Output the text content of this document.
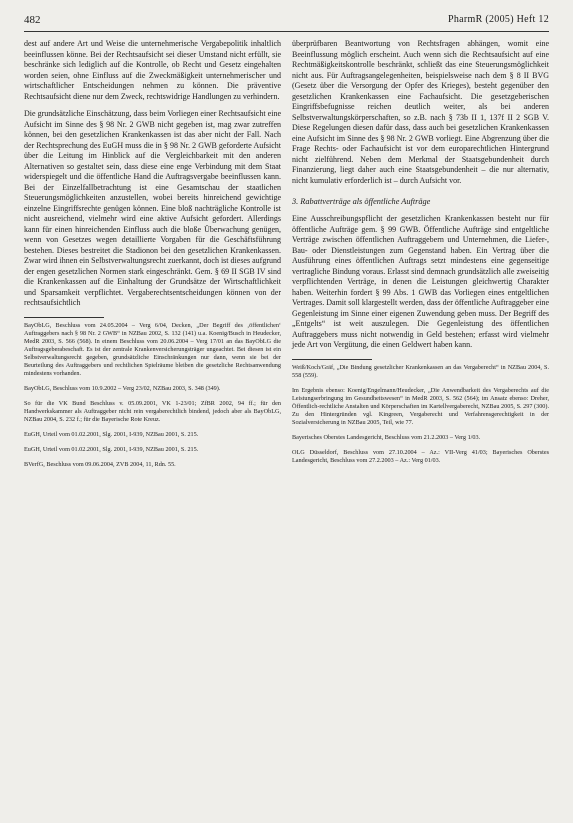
482	PharmR (2005) Heft 12

dest auf andere Art und Weise die unternehmerische Vergabepolitik inhaltlich beeinflussen könne. Bei der Rechtsaufsicht sei dieser Umstand nicht erfüllt, sie beschränke sich lediglich auf die Kontrolle, ob Recht und Gesetz eingehalten worden seien, ohne Einfluss auf die Zweckmäßigkeit unternehmerischer und wirtschaftlicher Entscheidungen nehmen zu können. Die präventive Rechtsaufsicht diene nur dem Zweck, rechtswidrige Handlungen zu verhindern.

Die grundsätzliche Einschätzung, dass beim Vorliegen einer Rechtsaufsicht eine Aufsicht im Sinne des § 98 Nr. 2 GWB nicht gegeben ist, mag zwar zutreffen können, bei den gesetzlichen Krankenkassen ist das aber nicht der Fall. Nach der Rechtsprechung des EuGH muss die in § 98 Nr. 2 GWB geforderte Aufsicht über die Leitung im Hinblick auf die Vergleichbarkeit mit den anderen Alternativen so gestaltet sein, dass diese eine enge Verbindung mit dem Staat widerspiegelt und die öffentliche Hand die Auftragsvergabe beeinflussen kann. Bei der Einzelfallbetrachtung ist eine Gesamtschau der staatlichen Steuerungsmöglichkeiten anzustellen, wobei bereits hinreichend gewichtige einzelne Eingriffsrechte genügen können. Eine bloß nachträgliche Kontrolle ist nicht ausreichend, vielmehr wird eine aktive Aufsicht gefordert. Allerdings kann für einen hinreichenden Einfluss auch die bloße Überwachung genügen, wenn von Gesetzes wegen detaillierte Vorgaben für die Geschäftsführung bestehen. Dieses bestreitet die Stadionon bei den gesetzlichen Krankenkassen. Zwar wird ihnen ein Selbstverwaltungsrecht zuerkannt, doch ist dieses aufgrund der engen gesetzlichen Normen stark eingeschränkt. Gem. § 69 II SGB IV sind die Krankenkassen auf die Einhaltung der Grundsätze der Wirtschaftlichkeit und Sparsamkeit verpflichtet. Vergaberechtsentscheidungen können von der rechtsaufsichtlich

BayObLG, Beschluss vom 24.05.2004 – Verg 6/04, Decken, „Der Begriff des ‚öffentlichen‘ Auftraggebers nach § 98 Nr. 2 GWB“ in NZBau 2002, S. 132 (141) u.a. Koenig/Busch in Heudecker, MedR 2003, S. 566 (568). In einem Beschluss vom 20.06.2004 – Verg 17/01 an das BayObLG die Auftragsgeberabeschaft. Es ist der zentrale Krankenversicherungsträger ungeachtet. Bei diesen ist ein Selbstverwaltungsrecht gegeben, grundsätzliche Einschränkungen nur dann, wenn sie bei der Beurteilung des Auftraggebers und rechtlichen Spielräume bleiben die gesetzliche Rechtsanwendung mindestens vorhanden.

BayObLG, Beschluss vom 10.9.2002 – Verg 23/02, NZBau 2003, S. 348 (349).

So für die VK Bund Beschluss v. 05.09.2001, VK 1-23/01; ZfBR 2002, 94 ff.; für den Handwerkskammer als Auftraggeber nicht rein vergaberechtlich bindend, jedoch aber als BayObLG, NZBau 2004, S. 232 f.; für die Bayerische Rote Kreuz.

EuGH, Urteil vom 01.02.2001, Slg. 2001, I-939, NZBau 2001, S. 215.

EuGH, Urteil vom 01.02.2001, Slg. 2001, I-939, NZBau 2001, S. 215.

BVerfG, Beschluss vom 09.06.2004, ZVB 2004, 11, Rdn. 55.

überprüfbaren Beantwortung von Rechtsfragen abhängen, womit eine Beeinflussung möglich erscheint. Auch wenn sich die Rechtsaufsicht auf eine Rechtmäßigkeitskontrolle beschränkt, schließt das eine Steuerungsmöglichkeit nicht aus. Für Auftragsangelegenheiten, beispielsweise nach dem § 8 II BVG (Gesetz über die Versorgung der Opfer des Krieges), besteht gegenüber den gesetzlichen Krankenkassen eine Fachaufsicht. Die gesetzgeberischen Eingriffsbefugnisse reichen deutlich weiter, als bei anderen Selbstverwaltungskörperschaften, so z.B. nach § 73b II 1, 137f II 2 SGB V. Diese Regelungen diesen dafür dass, dass auch bei gesetzlichen Krankenkassen eine Aufsicht im Sinne des § 98 Nr. 2 GWB vorliegt. Eine Abgrenzung über die Frage Rechts- oder Fachaufsicht ist vor dem europarechtlichen Hintergrund nicht zielführend. Neben dem Merkmal der Staatsgebundenheit durch Finanzierung, liegt daher auch eine Staatsgebundenheit – die nur alternativ, nicht kumulativ erforderlich ist – durch Aufsicht vor.

3. Rabattverträge als öffentliche Aufträge

Eine Ausschreibungspflicht der gesetzlichen Krankenkassen besteht nur für öffentliche Aufträge gem. § 99 GWB. Öffentliche Aufträge sind entgeltliche Verträge zwischen öffentlichen Auftraggebern und Unternehmen, die Liefer-, Bau- oder Dienstleistungen zum Gegenstand haben. Ein Vertrag über die Ausführung eines öffentlichen Auftrags setzt mindestens eine gegenseitige vertragliche Bindung voraus. Erlasst sind demnach grundsätzlich alle zweiseitig verpflichtenden Verträge, in denen die Leistungen gleichwertig Charakter haben. Weiterhin fordert § 99 Abs. 1 GWB das Vorliegen eines entgeltlichen Vertrages. Damit soll klargestellt werden, dass der öffentliche Auftraggeber eine Gegenleistung im Sinne einer eigenen Zuwendung geben muss. Der Begriff des „Entgelts“ ist weit auszulegen. Die Gegenleistung des öffentlichen Auftraggebers muss nicht notwendig in Geld bestehen; erfasst wird vielmehr jede Art von Vergütung, die einen Geldwert haben kann.

Weiß/Koch/Gräf, „Die Bindung gesetzlicher Krankenkassen an das Vergaberecht“ in NZBau 2004, S. 558 (559).

Im Ergebnis ebenso: Koenig/Engelmann/Heudecker, „Die Anwendbarkeit des Vergaberechts auf die Leistungserbringung im Gesundheitswesen“ in MedR 2003, S. 562 (564); im Ansatz ebenso: Dreher, Öffentlich-rechtliche Anstalten und Körperschaften im Kartellvergaberecht, NZBau 2005, S. 297 (300). Zu den Hintergründen vgl. Kingreen, Vergaberecht und Verfahrensgerechtigkeit in der Sozialversicherung in NZBau 2005, Teil, wie 77.

Bayerisches Oberstes Landesgericht, Beschluss vom 21.2.2003 – Verg 1/03.

OLG Düsseldorf, Beschluss vom 27.10.2004 – Az.: VII-Verg 41/03; Bayerisches Oberstes Landesgericht, Beschluss vom 27.2.2003 – Az.: Verg 01/03.
